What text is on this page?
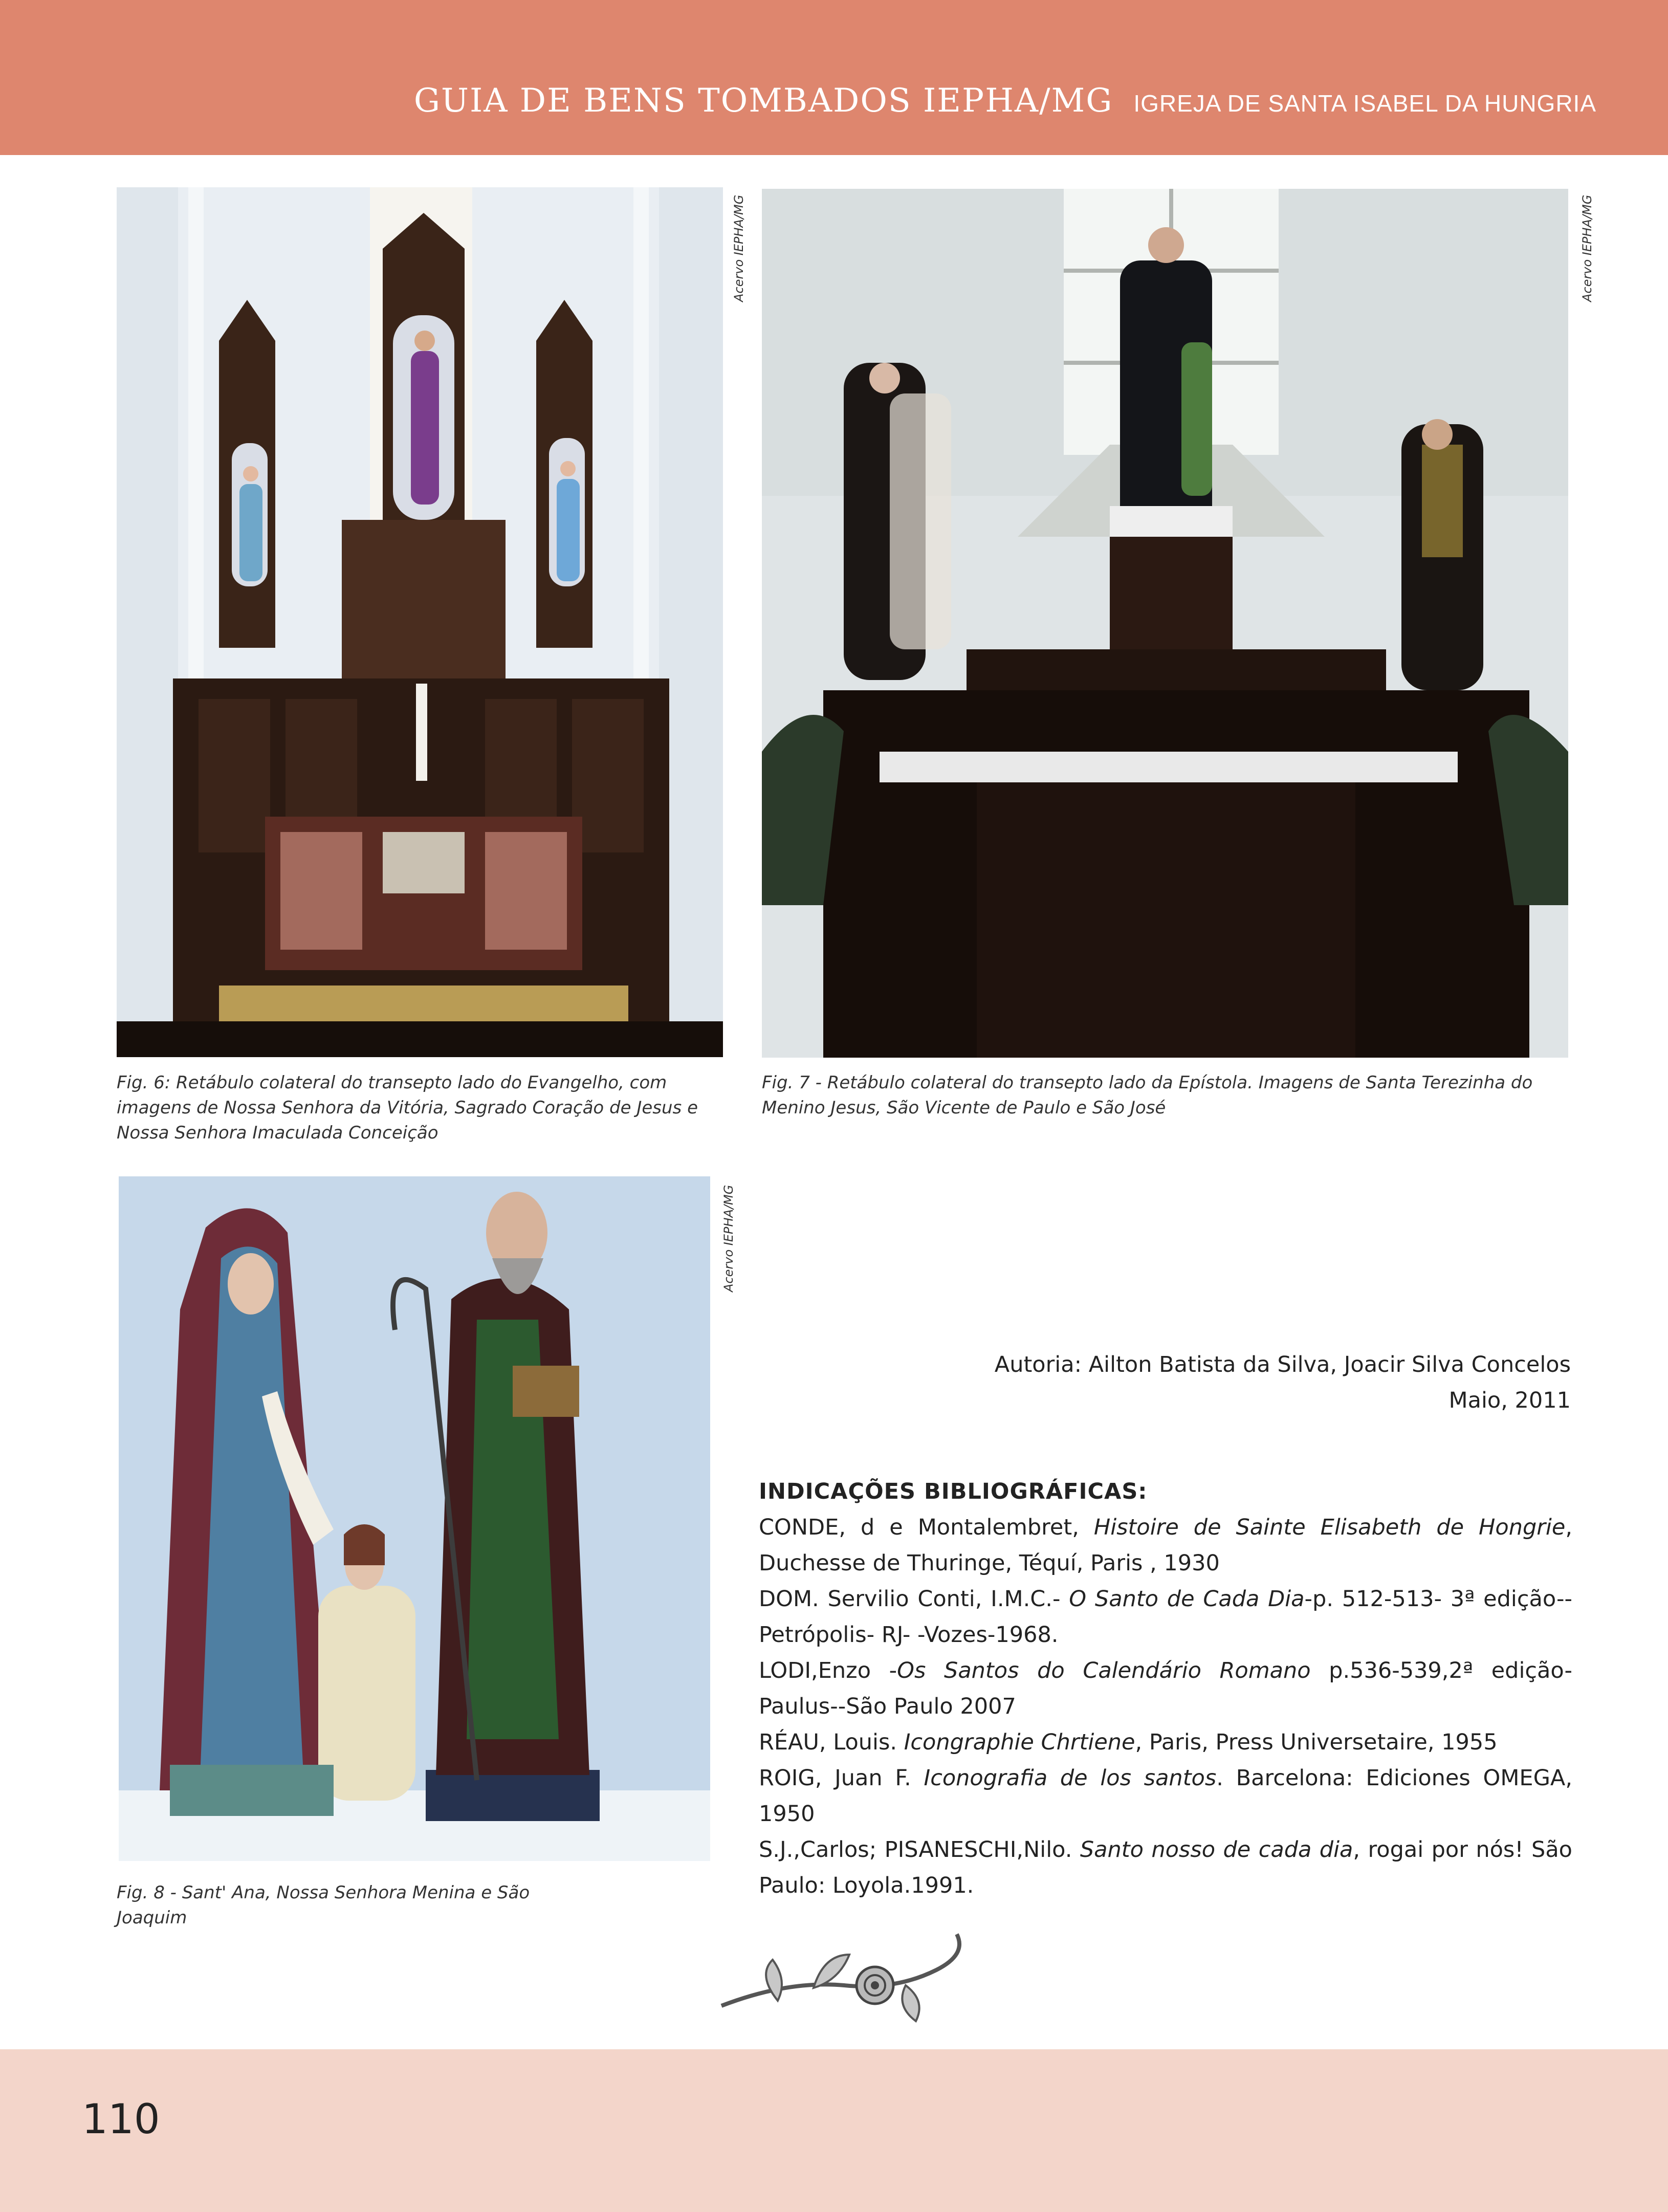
GUIA DE BENS TOMBADOS IEPHA/MG IGREJA DE SANTA ISABEL DA HUNGRIA
Acervo IEPHA/MG	Acervo IEPHA/MG
Fig. 6: Retábulo colateral do transepto lado do Evangelho, com imagens de Nossa Senhora da Vitória, Sagrado Coração de Jesus e Nossa Senhora Imaculada Conceição
Fig. 7 - Retábulo colateral do transepto lado da Epístola. Imagens de Santa Terezinha do Menino Jesus, São Vicente de Paulo e São José
Acervo IEPHA/MG
Fig. 8 - Sant' Ana, Nossa Senhora Menina e São Joaquim
Autoria: Ailton Batista da Silva, Joacir Silva Concelos
Maio, 2011
INDICAÇÕES BIBLIOGRÁFICAS:

CONDE, d e Montalembret, Histoire de Sainte Elisabeth de Hongrie, Duchesse de Thuringe, Téquí, Paris , 1930

DOM. Servilio Conti, I.M.C.- O Santo de Cada Dia-p. 512-513- 3ª edição--Petrópolis- RJ- -Vozes-1968.

LODI,Enzo -Os Santos do Calendário Romano p.536-539,2ª edição- Paulus--São Paulo 2007

RÉAU, Louis. Icongraphie Chrtiene, Paris, Press Universetaire, 1955

ROIG, Juan F. Iconografia de los santos. Barcelona: Ediciones OMEGA, 1950

S.J.,Carlos; PISANESCHI,Nilo. Santo nosso de cada dia, rogai por nós! São Paulo: Loyola.1991.

110
